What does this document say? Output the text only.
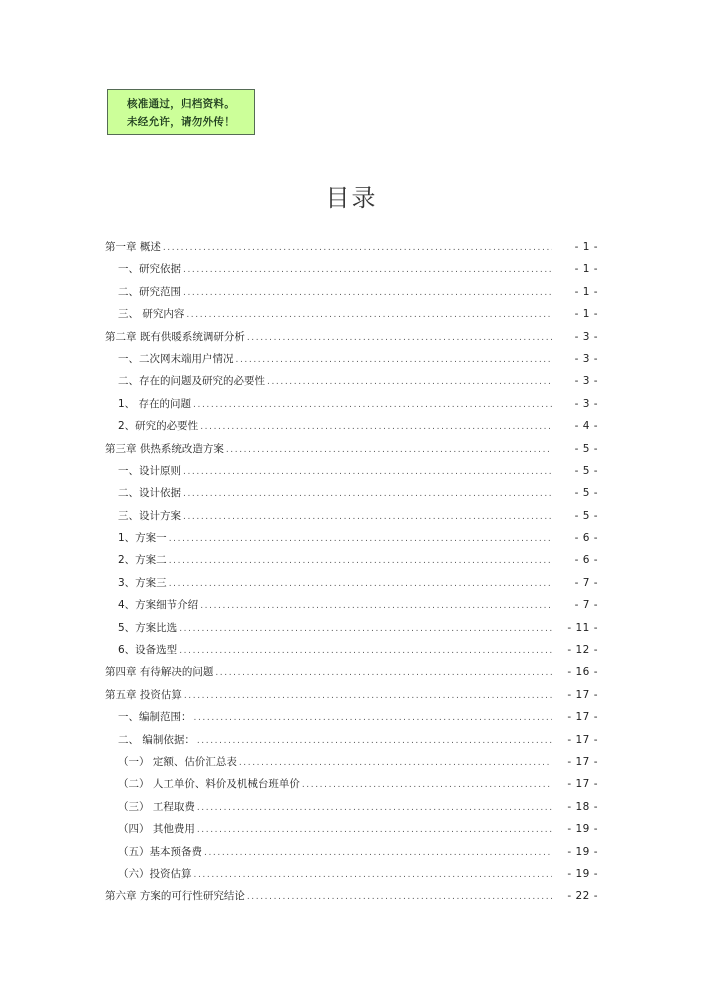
核准通过，归档资料。
未经允许，请勿外传！
目录
第一章 概述 .....	- 1 -
一、研究依据 .....	- 1 -
二、研究范围 .....	- 1 -
三、 研究内容 .....	- 1 -
第二章 既有供暖系统调研分析 .....	- 3 -
一、二次网末端用户情况 .....	- 3 -
二、存在的问题及研究的必要性 .....	- 3 -
1、 存在的问题 .....	- 3 -
2、研究的必要性 .....	- 4 -
第三章 供热系统改造方案 .....	- 5 -
一、设计原则 .....	- 5 -
二、设计依据 .....	- 5 -
三、设计方案 .....	- 5 -
1、方案一 .....	- 6 -
2、方案二 .....	- 6 -
3、方案三 .....	- 7 -
4、方案细节介绍 .....	- 7 -
5、方案比选 .....	- 11 -
6、设备选型 .....	- 12 -
第四章 有待解决的问题 .....	- 16 -
第五章 投资估算 .....	- 17 -
一、编制范围： .....	- 17 -
二、 编制依据： .....	- 17 -
（一） 定额、估价汇总表 .....	- 17 -
（二） 人工单价、料价及机械台班单价 .....	- 17 -
（三） 工程取费 .....	- 18 -
（四） 其他费用 .....	- 19 -
（五）基本预备费 .....	- 19 -
（六）投资估算 .....	- 19 -
第六章 方案的可行性研究结论 .....	- 22 -
